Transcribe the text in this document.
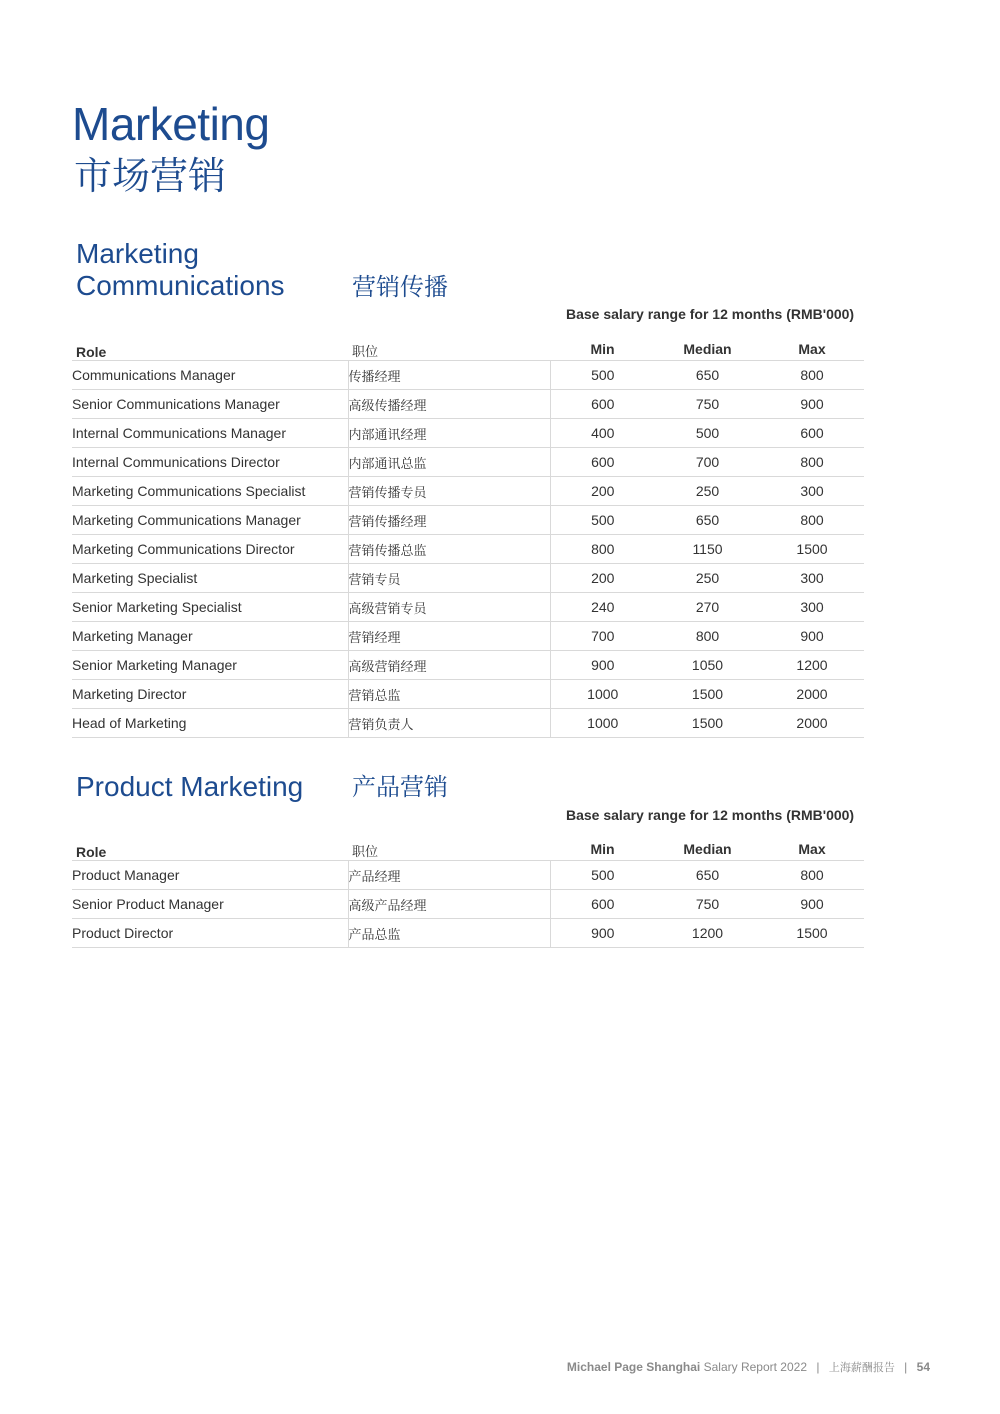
Marketing
市场营销
Marketing
Communications	营销传播
Base salary range for 12 months (RMB'000)
Role	职位	Min	Median	Max
Communications Manager	传播经理	500	650	800
Senior Communications Manager	高级传播经理	600	750	900
Internal Communications Manager	内部通讯经理	400	500	600
Internal Communications Director	内部通讯总监	600	700	800
Marketing Communications Specialist	营销传播专员	200	250	300
Marketing Communications Manager	营销传播经理	500	650	800
Marketing Communications Director	营销传播总监	800	1150	1500
Marketing Specialist	营销专员	200	250	300
Senior Marketing Specialist	高级营销专员	240	270	300
Marketing Manager	营销经理	700	800	900
Senior Marketing Manager	高级营销经理	900	1050	1200
Marketing Director	营销总监	1000	1500	2000
Head of Marketing	营销负责人	1000	1500	2000
Product Marketing 产品营销
Base salary range for 12 months (RMB'000)
Role	职位	Min	Median	Max
Product Manager	产品经理	500	650	800
Senior Product Manager	高级产品经理	600	750	900
Product Director	产品总监	900	1200	1500
Michael Page Shanghai Salary Report 2022 | 上海薪酬报告 | 54
